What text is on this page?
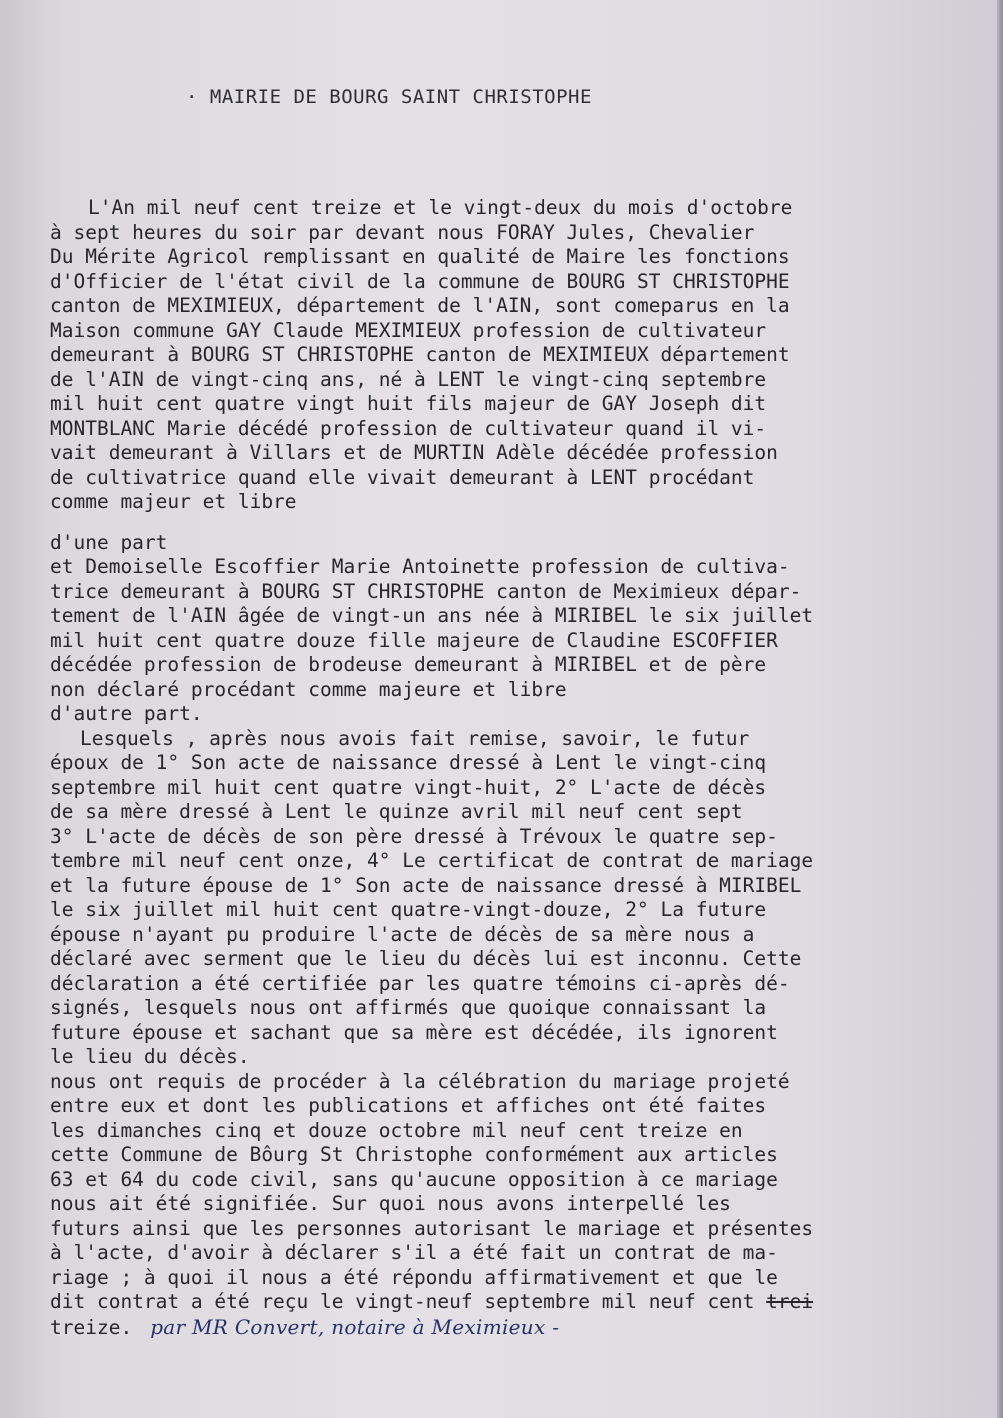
· MAIRIE DE BOURG SAINT CHRISTOPHE
L'An mil neuf cent treize et le vingt-deux du mois d'octobre
à sept heures du soir par devant nous FORAY Jules, Chevalier
Du Mérite Agricol remplissant en qualité de Maire les fonctions
d'Officier de l'état civil de la commune de BOURG ST CHRISTOPHE
canton de MEXIMIEUX, département de l'AIN, sont comeparus en la
Maison commune GAY Claude MEXIMIEUX profession de cultivateur
demeurant à BOURG ST CHRISTOPHE canton de MEXIMIEUX département
de l'AIN de vingt-cinq ans, né à LENT le vingt-cinq septembre
mil huit cent quatre vingt huit fils majeur de GAY Joseph dit
MONTBLANC Marie décédé profession de cultivateur quand il vi-
vait demeurant à Villars et de MURTIN Adèle décédée profession
de cultivatrice quand elle vivait demeurant à LENT procédant
comme majeur et libre
d'une part
et Demoiselle Escoffier Marie Antoinette profession de cultiva-
trice demeurant à BOURG ST CHRISTOPHE canton de Meximieux dépar-
tement de l'AIN âgée de vingt-un ans née à MIRIBEL le six juillet
mil huit cent quatre douze fille majeure de Claudine ESCOFFIER
décédée profession de brodeuse demeurant à MIRIBEL et de père
non déclaré procédant comme majeure et libre
d'autre part.
Lesquels , après nous avois fait remise, savoir, le futur
époux de 1° Son acte de naissance dressé à Lent le vingt-cinq
septembre mil huit cent quatre vingt-huit, 2° L'acte de décès
de sa mère dressé à Lent le quinze avril mil neuf cent sept
3° L'acte de décès de son père dressé à Trévoux le quatre sep-
tembre mil neuf cent onze, 4° Le certificat de contrat de mariage
et la future épouse de 1° Son acte de naissance dressé à MIRIBEL
le six juillet mil huit cent quatre-vingt-douze, 2° La future
épouse n'ayant pu produire l'acte de décès de sa mère nous a
déclaré avec serment que le lieu du décès lui est inconnu. Cette
déclaration a été certifiée par les quatre témoins ci-après dé-
signés, lesquels nous ont affirmés que quoique connaissant la
future épouse et sachant que sa mère est décédée, ils ignorent
le lieu du décès.
nous ont requis de procéder à la célébration du mariage projeté
entre eux et dont les publications et affiches ont été faites
les dimanches cinq et douze octobre mil neuf cent treize en
cette Commune de Bôurg St Christophe conformément aux articles
63 et 64 du code civil, sans qu'aucune opposition à ce mariage
nous ait été signifiée. Sur quoi nous avons interpellé les
futurs ainsi que les personnes autorisant le mariage et présentes
à l'acte, d'avoir à déclarer s'il a été fait un contrat de ma-
riage ; à quoi il nous a été répondu affirmativement et que le
dit contrat a été reçu le vingt-neuf septembre mil neuf cent trei
treize. par MR Convert, notaire à Meximieux -
